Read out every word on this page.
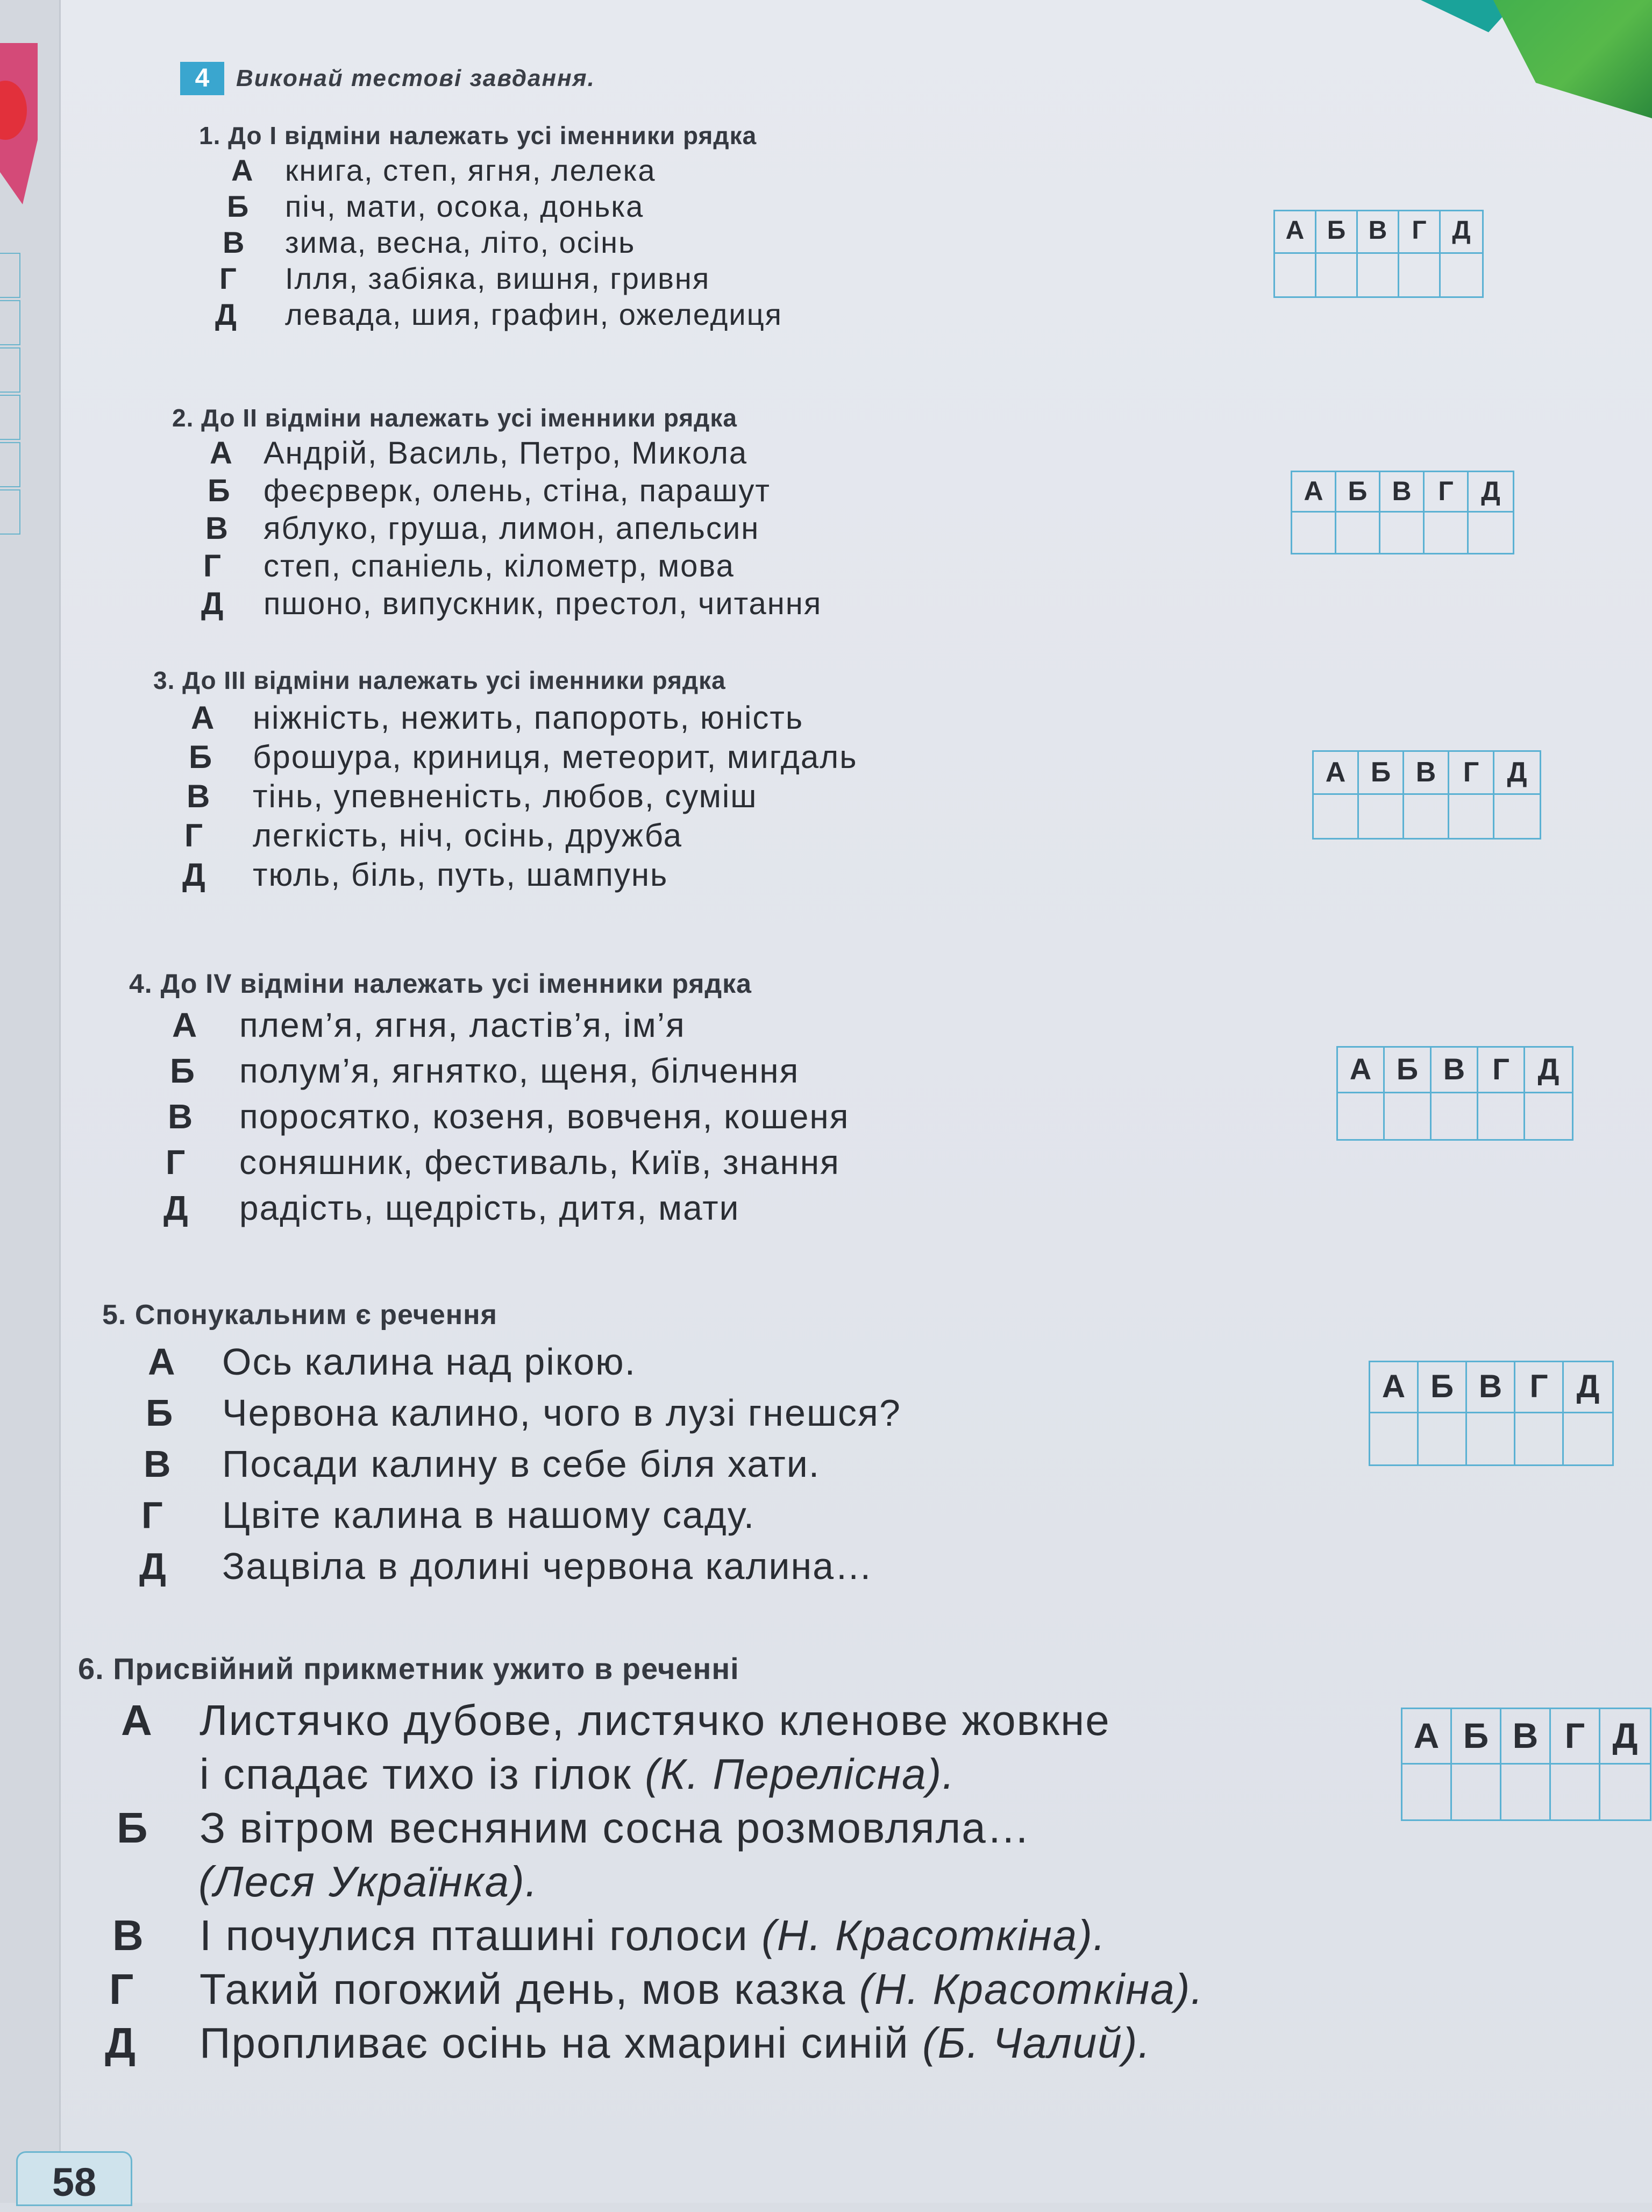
4	Виконай тестові завдання.
1. До І відміни належать усі іменники рядка
А	книга, степ, ягня, лелека
Б	піч, мати, осока, донька
В	зима, весна, літо, осінь
Г	Ілля, забіяка, вишня, гривня
Д	левада, шия, графин, ожеледиця
А Б В Г Д
2. До ІІ відміни належать усі іменники рядка
А	Андрій, Василь, Петро, Микола
Б	феєрверк, олень, стіна, парашут
В	яблуко, груша, лимон, апельсин
Г	степ, спаніель, кілометр, мова
Д	пшоно, випускник, престол, читання
А Б В Г	Д
3. До ІІІ відміни належать усі іменники рядка
А	ніжність, нежить, папороть, юність
Б	брошура, криниця, метеорит, мигдаль
В	тінь, упевненість, любов, суміш
Г	легкість, ніч, осінь, дружба
Д	тюль, біль, путь, шампунь
А Б В Г	Д
4. До IV відміни належать усі іменники рядка
А	плем’я, ягня, ластів’я, ім’я
Б	полум’я, ягнятко, щеня, білчення
В	поросятко, козеня, вовченя, кошеня
Г	соняшник, фестиваль, Київ, знання
Д	радість, щедрість, дитя, мати
А Б В Г Д
5. Спонукальним є речення
А	Ось калина над рікою.
Б	Червона калино, чого в лузі гнешся?
В	Посади калину в себе біля хати.
Г	Цвіте калина в нашому саду.
Д	Зацвіла в долині червона калина…
А Б В Г Д
6. Присвійний прикметник ужито в реченні
А	Листячко дубове, листячко кленове жовкне
і спадає тихо із гілок (К. Перелісна).
Б	З вітром весняним сосна розмовляла…
(Леся Українка).
В	І почулися пташині голоси (Н. Красоткіна).
Г	Такий погожий день, мов казка (Н. Красоткіна).
Д	Пропливає осінь на хмарині синій (Б. Чалий).
А Б В Г Д
58
